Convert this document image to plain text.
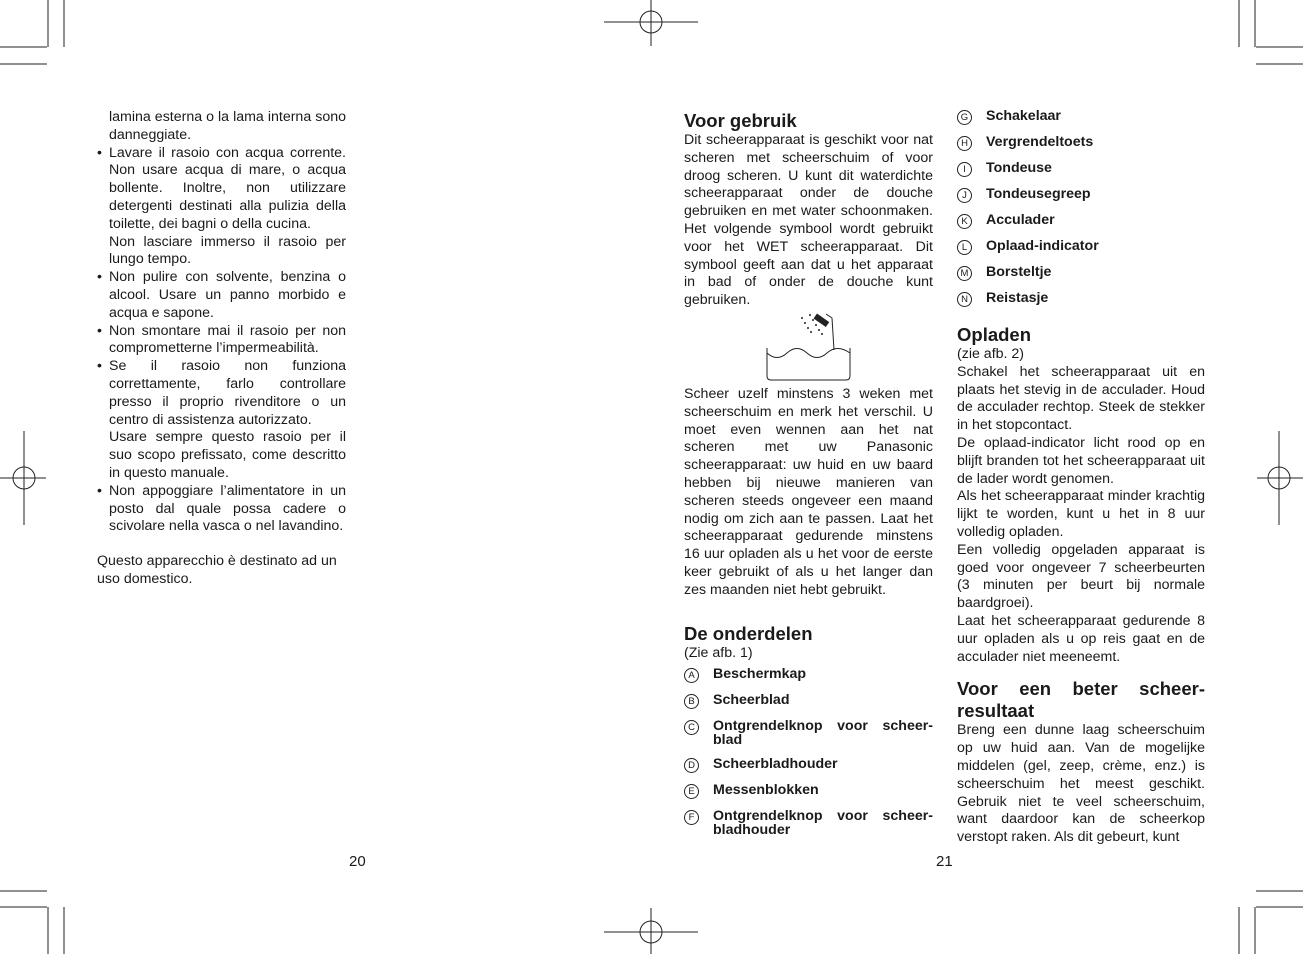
lamina esterna o la lama interna sono danneggiate.

• Lavare il rasoio con acqua corrente. Non usare acqua di mare, o acqua bollente. Inoltre, non utilizzare detergenti destinati alla pulizia della toilette, dei bagni o della cucina.

Non lasciare immerso il rasoio per lungo tempo.

• Non pulire con solvente, benzina o alcool. Usare un panno morbido e acqua e sapone.

• Non smontare mai il rasoio per non comprometterne l’impermeabilità.

• Se il rasoio non funziona correttamente, farlo controllare presso il proprio rivenditore o un centro di assistenza autorizzato.

Usare sempre questo rasoio per il suo scopo prefissato, come descritto in questo manuale.

• Non appoggiare l’alimentatore in un posto dal quale possa cadere o scivolare nella vasca o nel lavandino.

Questo apparecchio è destinato ad un uso domestico.

20
Voor gebruik

Dit scheerapparaat is geschikt voor nat scheren met scheerschuim of voor droog scheren. U kunt dit waterdichte scheerapparaat onder de douche gebruiken en met water schoonmaken. Het volgende symbool wordt gebruikt voor het WET scheerapparaat. Dit symbool geeft aan dat u het apparaat in bad of onder de douche kunt gebruiken.

Scheer uzelf minstens 3 weken met scheerschuim en merk het verschil. U moet even wennen aan het nat scheren met uw Panasonic scheerapparaat: uw huid en uw baard hebben bij nieuwe manieren van scheren steeds ongeveer een maand nodig om zich aan te passen. Laat het scheerapparaat gedurende minstens 16 uur opladen als u het voor de eerste keer gebruikt of als u het langer dan zes maanden niet hebt gebruikt.

De onderdelen

(Zie afb. 1)

A	Beschermkap
B	Scheerblad
C	Ontgrendelknop voor scheer-blad
D	Scheerbladhouder
E	Messenblokken
F	Ontgrendelknop voor scheer-bladhouder
21
G	Schakelaar
H	Vergrendeltoets
I	Tondeuse
J	Tondeusegreep
K	Acculader
L	Oplaad-indicator
M	Borsteltje
N	Reistasje
Opladen

(zie afb. 2)

Schakel het scheerapparaat uit en plaats het stevig in de acculader. Houd de acculader rechtop. Steek de stekker in het stopcontact.

De oplaad-indicator licht rood op en blijft branden tot het scheerapparaat uit de lader wordt genomen.

Als het scheerapparaat minder krachtig lijkt te worden, kunt u het in 8 uur volledig opladen.

Een volledig opgeladen apparaat is goed voor ongeveer 7 scheerbeurten (3 minuten per beurt bij normale baardgroei).

Laat het scheerapparaat gedurende 8 uur opladen als u op reis gaat en de acculader niet meeneemt.

Voor een beter scheer-resultaat

Breng een dunne laag scheerschuim op uw huid aan. Van de mogelijke middelen (gel, zeep, crème, enz.) is scheerschuim het meest geschikt. Gebruik niet te veel scheerschuim, want daardoor kan de scheerkop verstopt raken. Als dit gebeurt, kunt
